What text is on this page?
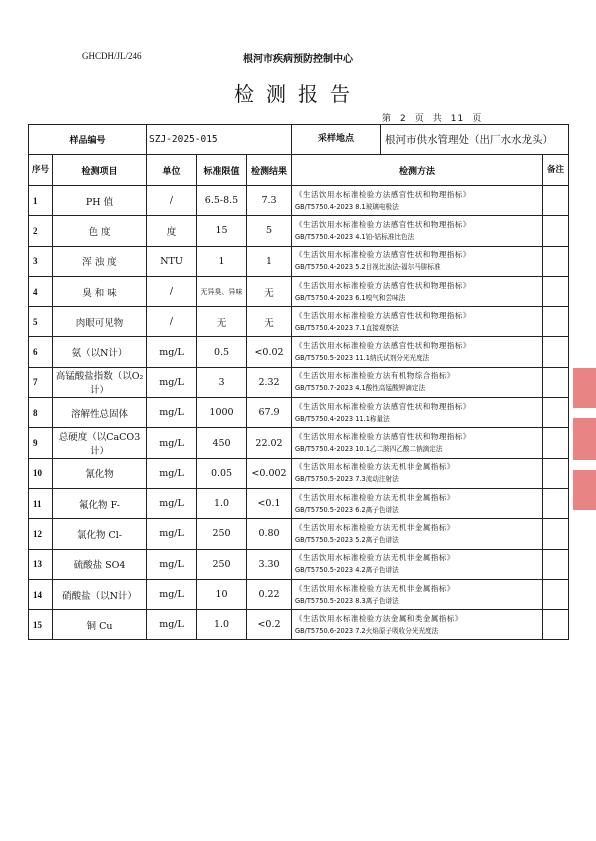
GHCDH/JL/246	根河市疾病预防控制中心
检测报告
第 2 页 共 11 页
样品编号		SZJ-2025-015			采样地点 根河市供水管理处（出厂水水龙头）	

序号	检测项目	单位	标准限值	检测结果	检测方法	备注
1	PH 值	/	6.5-8.5	7.3	《生活饮用水标准检验方法感官性状和物理指标》
GB/T5750.4-2023 8.1玻璃电极法	

2	色 度	度	15	5	《生活饮用水标准检验方法感官性状和物理指标》
GB/T5750.4-2023 4.1铂-钴标准比色法	

3	浑 浊 度	NTU	1	1	《生活饮用水标准检验方法感官性状和物理指标》
GB/T5750.4-2023 5.2目视比浊法-福尔马肼标准	

4	臭 和 味	/	无异臭、异味	无	《生活饮用水标准检验方法感官性状和物理指标》
GB/T5750.4-2023 6.1嗅气和尝味法	

5	肉眼可见物	/	无	无	《生活饮用水标准检验方法感官性状和物理指标》
GB/T5750.4-2023 7.1直接观察法	

6	氨（以N计）	mg/L	0.5	<0.02	《生活饮用水标准检验方法感官性状和物理指标》
GB/T5750.5-2023 11.1纳氏试剂分光光度法	

7	高锰酸盐指数（以O₂计）	mg/L	3	2.32	《生活饮用水标准检验方法有机物综合指标》
GB/T5750.7-2023 4.1酸性高锰酸钾滴定法	

8	溶解性总固体	mg/L	1000	67.9	《生活饮用水标准检验方法感官性状和物理指标》
GB/T5750.4-2023 11.1称量法	

9	总硬度（以CaCO3计）	mg/L	450	22.02	《生活饮用水标准检验方法感官性状和物理指标》
GB/T5750.4-2023 10.1乙二胺四乙酸二钠滴定法	

10	氰化物	mg/L	0.05	<0.002	《生活饮用水标准检验方法无机非金属指标》
GB/T5750.5-2023 7.3流动注射法	

11	氟化物 F-	mg/L	1.0	<0.1	《生活饮用水标准检验方法无机非金属指标》
GB/T5750.5-2023 6.2离子色谱法	

12	氯化物 Cl-	mg/L	250	0.80	《生活饮用水标准检验方法无机非金属指标》
GB/T5750.5-2023 5.2离子色谱法	

13	硫酸盐 SO4	mg/L	250	3.30	《生活饮用水标准检验方法无机非金属指标》
GB/T5750.5-2023 4.2离子色谱法	

14	硝酸盐（以N计）	mg/L	10	0.22	《生活饮用水标准检验方法无机非金属指标》
GB/T5750.5-2023 8.3离子色谱法	

15	铜 Cu	mg/L	1.0	<0.2	《生活饮用水标准检验方法金属和类金属指标》
GB/T5750.6-2023 7.2火焰原子吸收分光光度法	
